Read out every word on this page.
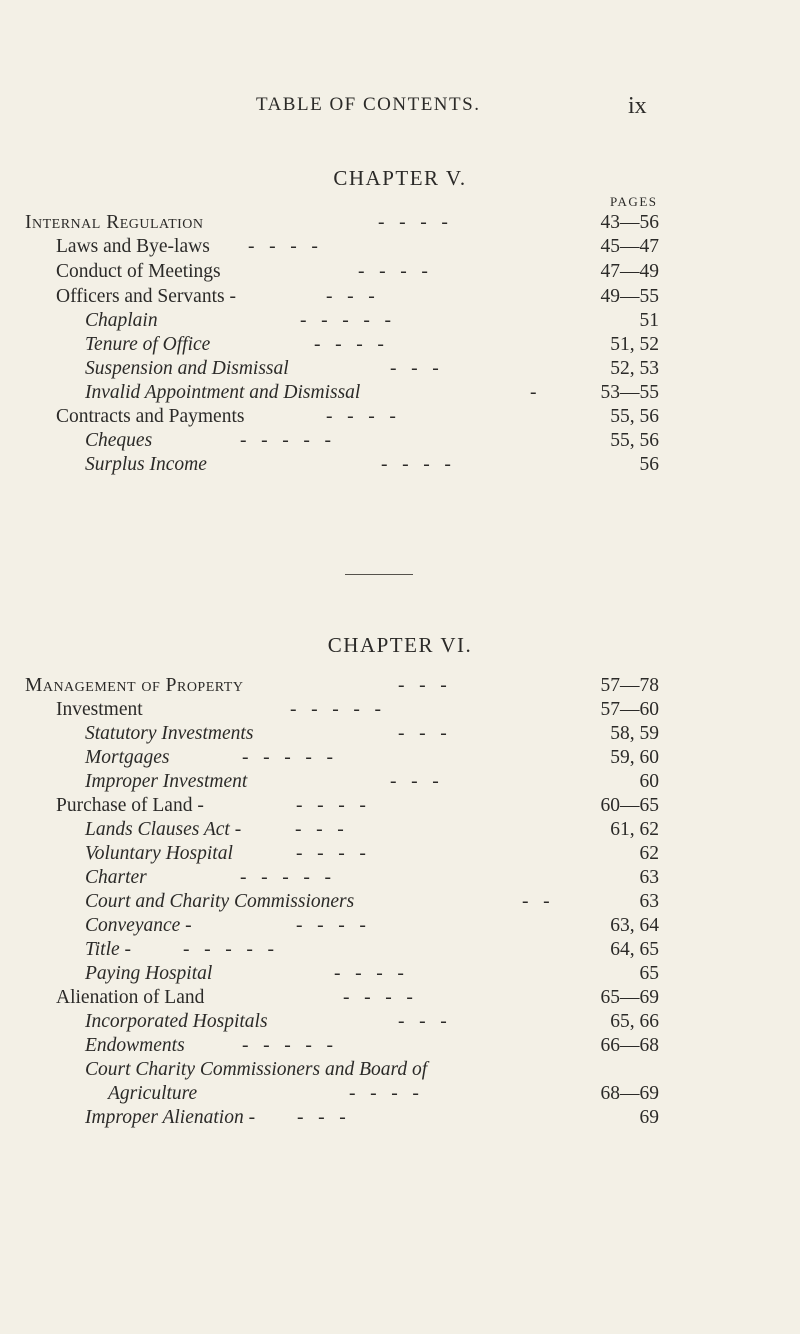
TABLE OF CONTENTS.	ix
CHAPTER V.
PAGES
CHAPTER VI.
Internal Regulation	-   -   -   -	43—56
Laws and Bye-laws -   -   -   -	45—47
Conduct of Meetings	-   -   -   -	47—49
Officers and Servants -	-   -   -	49—55
Chaplain	-   -   -   -   -	51
Tenure of Office	-   -   -   -	51, 52
Suspension and Dismissal	-   -   -	52, 53
Invalid Appointment and Dismissal	-	53—55
Contracts and Payments	-   -   -   -	55, 56
Cheques	-   -   -   -   -	55, 56
Surplus Income	-   -   -   -	56
Management of Property	-   -   -	57—78
Investment	-   -   -   -   -	57—60
Statutory Investments	-   -   -	58, 59
Mortgages	-   -   -   -   -	59, 60
Improper Investment	-   -   -	60
Purchase of Land -	-   -   -   -	60—65
Lands Clauses Act -	-   -   -	61, 62
Voluntary Hospital	-   -   -   -	62
Charter	-   -   -   -   -	63
Court and Charity Commissioners	-   -	63
Conveyance -	-   -   -   -	63, 64
Title -	-   -   -   -   -	64, 65
Paying Hospital	-   -   -   -	65
Alienation of Land	-   -   -   -	65—69
Incorporated Hospitals	-   -   -	65, 66
Endowments	-   -   -   -   -	66—68
Court Charity Commissioners and Board of
Agriculture	-   -   -   -	68—69
Improper Alienation - -   -   -	69
